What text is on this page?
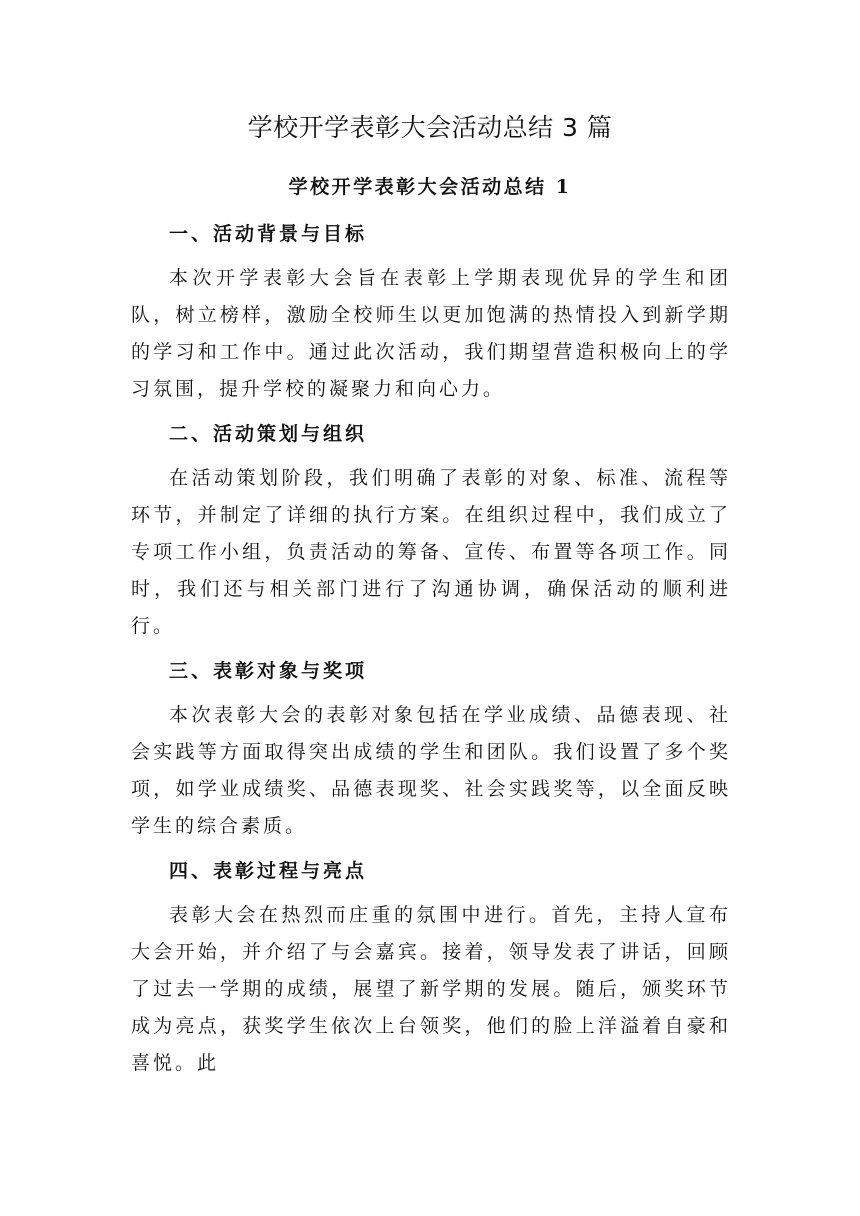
学校开学表彰大会活动总结 3 篇
学校开学表彰大会活动总结 1

一、活动背景与目标

本次开学表彰大会旨在表彰上学期表现优异的学生和团队，树立榜样，激励全校师生以更加饱满的热情投入到新学期的学习和工作中。通过此次活动，我们期望营造积极向上的学习氛围，提升学校的凝聚力和向心力。

二、活动策划与组织

在活动策划阶段，我们明确了表彰的对象、标准、流程等环节，并制定了详细的执行方案。在组织过程中，我们成立了专项工作小组，负责活动的筹备、宣传、布置等各项工作。同时，我们还与相关部门进行了沟通协调，确保活动的顺利进行。

三、表彰对象与奖项

本次表彰大会的表彰对象包括在学业成绩、品德表现、社会实践等方面取得突出成绩的学生和团队。我们设置了多个奖项，如学业成绩奖、品德表现奖、社会实践奖等，以全面反映学生的综合素质。

四、表彰过程与亮点

表彰大会在热烈而庄重的氛围中进行。首先，主持人宣布大会开始，并介绍了与会嘉宾。接着，领导发表了讲话，回顾了过去一学期的成绩，展望了新学期的发展。随后，颁奖环节成为亮点，获奖学生依次上台领奖，他们的脸上洋溢着自豪和喜悦。此
